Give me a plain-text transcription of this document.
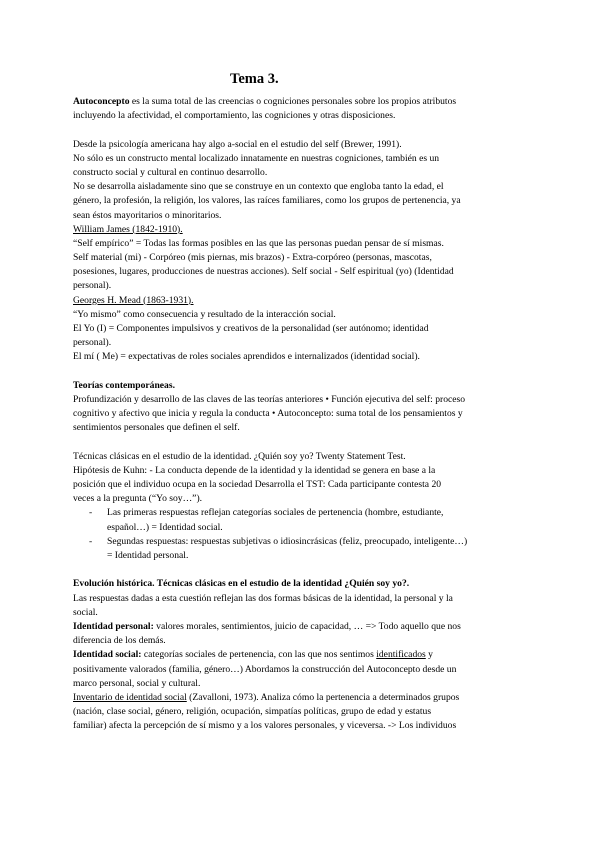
Tema 3.
Autoconcepto es la suma total de las creencias o cogniciones personales sobre los propios atributos
incluyendo la afectividad, el comportamiento, las cogniciones y otras disposiciones.
Desde la psicología americana hay algo a-social en el estudio del self (Brewer, 1991).
No sólo es un constructo mental localizado innatamente en nuestras cogniciones, también es un
constructo social y cultural en continuo desarrollo.
No se desarrolla aisladamente sino que se construye en un contexto que engloba tanto la edad, el
género, la profesión, la religión, los valores, las raíces familiares, como los grupos de pertenencia, ya
sean éstos mayoritarios o minoritarios.
William James (1842-1910).
“Self empírico” = Todas las formas posibles en las que las personas puedan pensar de sí mismas.
Self material (mi) - Corpóreo (mis piernas, mis brazos) - Extra-corpóreo (personas, mascotas,
posesiones, lugares, producciones de nuestras acciones). Self social - Self espiritual (yo) (Identidad
personal).
Georges H. Mead (1863-1931).
“Yo mismo” como consecuencia y resultado de la interacción social.
El Yo (I) = Componentes impulsivos y creativos de la personalidad (ser autónomo; identidad
personal).
El mí ( Me) = expectativas de roles sociales aprendidos e internalizados (identidad social).
Teorías contemporáneas.
Profundización y desarrollo de las claves de las teorías anteriores • Función ejecutiva del self: proceso
cognitivo y afectivo que inicia y regula la conducta • Autoconcepto: suma total de los pensamientos y
sentimientos personales que definen el self.
Técnicas clásicas en el estudio de la identidad. ¿Quién soy yo? Twenty Statement Test.
Hipótesis de Kuhn: - La conducta depende de la identidad y la identidad se genera en base a la
posición que el individuo ocupa en la sociedad Desarrolla el TST: Cada participante contesta 20
veces a la pregunta (“Yo soy…”).
- Las primeras respuestas reflejan categorías sociales de pertenencia (hombre, estudiante,
español…) = Identidad social.
- Segundas respuestas: respuestas subjetivas o idiosincrásicas (feliz, preocupado, inteligente…)
= Identidad personal.
Evolución histórica. Técnicas clásicas en el estudio de la identidad ¿Quién soy yo?.
Las respuestas dadas a esta cuestión reflejan las dos formas básicas de la identidad, la personal y la
social.
Identidad personal: valores morales, sentimientos, juicio de capacidad, … => Todo aquello que nos
diferencia de los demás.
Identidad social: categorías sociales de pertenencia, con las que nos sentimos identificados y
positivamente valorados (familia, género…) Abordamos la construcción del Autoconcepto desde un
marco personal, social y cultural.
Inventario de identidad social (Zavalloni, 1973). Analiza cómo la pertenencia a determinados grupos
(nación, clase social, género, religión, ocupación, simpatías políticas, grupo de edad y estatus
familiar) afecta la percepción de sí mismo y a los valores personales, y viceversa. -> Los individuos
